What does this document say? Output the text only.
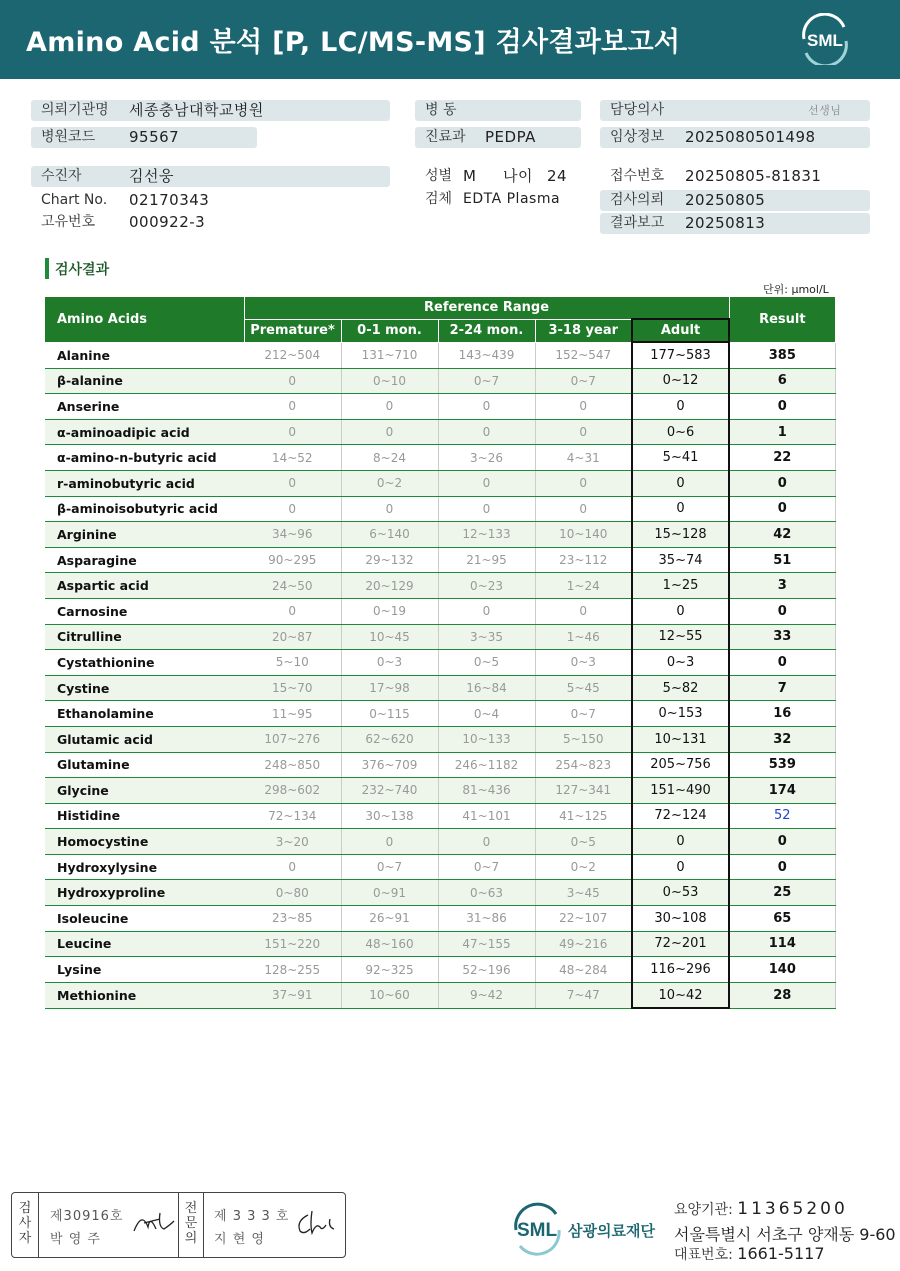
Amino Acid 분석 [P, LC/MS-MS] 검사결과보고서	SML
의뢰기관명 세종충남대학교병원
병원코드 95567
병 동
진료과 PEDPA
담당의사	선생님
임상정보 2025080501498
수진자	김선웅
Chart No. 02170343
고유번호 000922-3
성별 M 나이 24
검체 EDTA Plasma
접수번호 20250805-81831
검사의뢰 20250805
결과보고 20250813
검사결과
단위: μmol/L
Amino Acids	Reference Range					Result
	Premature*	0-1 mon.	2-24 mon.	3-18 year	Adult	
Alanine	212~504	131~710	143~439	152~547	177~583	385
β-alanine	0	0~10	0~7	0~7	0~12	6
Anserine	0	0	0	0	0	0
α-aminoadipic acid	0	0	0	0	0~6	1
α-amino-n-butyric acid	14~52	8~24	3~26	4~31	5~41	22
r-aminobutyric acid	0	0~2	0	0	0	0
β-aminoisobutyric acid	0	0	0	0	0	0
Arginine	34~96	6~140	12~133	10~140	15~128	42
Asparagine	90~295	29~132	21~95	23~112	35~74	51
Aspartic acid	24~50	20~129	0~23	1~24	1~25	3
Carnosine	0	0~19	0	0	0	0
Citrulline	20~87	10~45	3~35	1~46	12~55	33
Cystathionine	5~10	0~3	0~5	0~3	0~3	0
Cystine	15~70	17~98	16~84	5~45	5~82	7
Ethanolamine	11~95	0~115	0~4	0~7	0~153	16
Glutamic acid	107~276	62~620	10~133	5~150	10~131	32
Glutamine	248~850	376~709	246~1182	254~823	205~756	539
Glycine	298~602	232~740	81~436	127~341	151~490	174
Histidine	72~134	30~138	41~101	41~125	72~124	52
Homocystine	3~20	0	0	0~5	0	0
Hydroxylysine	0	0~7	0~7	0~2	0	0
Hydroxyproline	0~80	0~91	0~63	3~45	0~53	25
Isoleucine	23~85	26~91	31~86	22~107	30~108	65
Leucine	151~220	48~160	47~155	49~216	72~201	114
Lysine	128~255	92~325	52~196	48~284	116~296	140
Methionine	37~91	10~60	9~42	7~47	10~42	28
검
사
자
제30916호
박 영 주
전
문
의
제 3 3 3 호
지 현 영	SML 삼광의료재단
요양기관: 11365200
서울특별시 서초구 양재동 9-60
대표번호: 1661-5117
